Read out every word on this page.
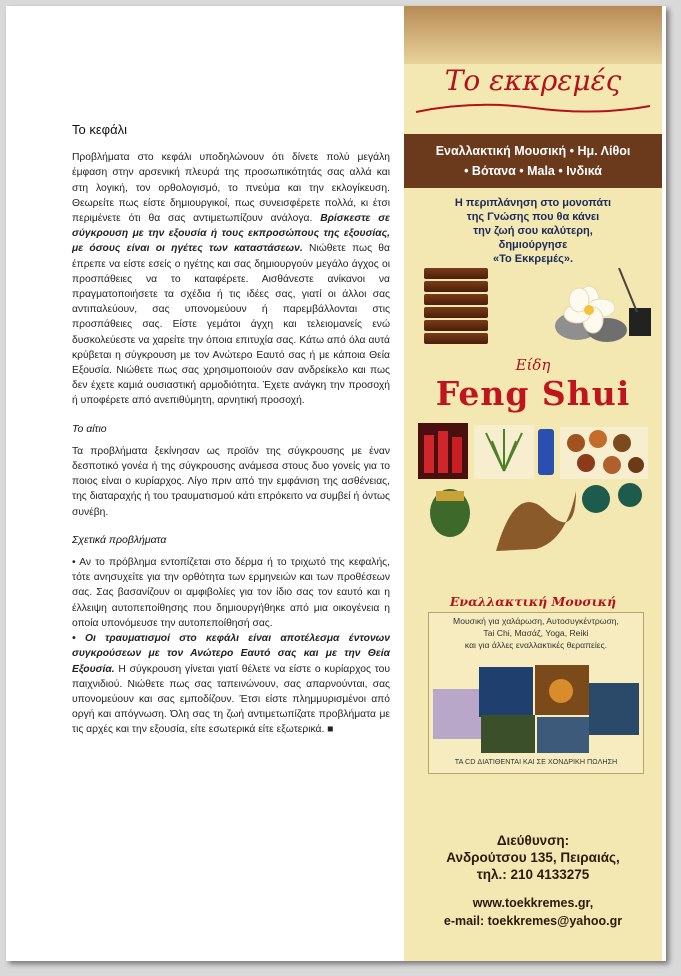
Το κεφάλι

Προβλήματα στο κεφάλι υποδηλώνουν ότι δίνετε πολύ μεγάλη έμφαση στην αρσενική πλευρά της προσωπικότητάς σας αλλά και στη λογική, τον ορθολογισμό, το πνεύμα και την εκλογίκευση. Θεωρείτε πως είστε δημιουργικοί, πως συνεισφέρετε πολλά, κι έτσι περιμένετε ότι θα σας αντιμετωπίζουν ανάλογα. Βρίσκεστε σε σύγκρουση με την εξουσία ή τους εκπροσώπους της εξουσίας, με όσους είναι οι ηγέτες των καταστάσεων. Νιώθετε πως θα έπρεπε να είστε εσείς ο ηγέτης και σας δημιουργούν μεγάλο άγχος οι προσπάθειες να το καταφέρετε. Αισθάνεστε ανίκανοι να πραγματοποιήσετε τα σχέδια ή τις ιδέες σας, γιατί οι άλλοι σας αντιπαλεύουν, σας υπονομεύουν ή παρεμβάλλονται στις προσπάθειες σας. Είστε γεμάτοι άγχη και τελειομανείς ενώ δυσκολεύεστε να χαρείτε την όποια επιτυχία σας. Κάτω από όλα αυτά κρύβεται η σύγκρουση με τον Ανώτερο Εαυτό σας ή με κάποια Θεία Εξουσία. Νιώθετε πως σας χρησιμοποιούν σαν ανδρείκελο και πως δεν έχετε καμιά ουσιαστική αρμοδιότητα. Έχετε ανάγκη την προσοχή ή υποφέρετε από ανεπιθύμητη, αρνητική προσοχή.

Το αίτιο

Τα προβλήματα ξεκίνησαν ως προϊόν της σύγκρουσης με έναν δεσποτικό γονέα ή της σύγκρουσης ανάμεσα στους δυο γονείς για το ποιος είναι ο κυρίαρχος. Λίγο πριν από την εμφάνιση της ασθένειας, της διαταραχής ή του τραυματισμού κάτι επρόκειτο να συμβεί ή όντως συνέβη.

Σχετικά προβλήματα

• Αν το πρόβλημα εντοπίζεται στο δέρμα ή το τριχωτό της κεφαλής, τότε ανησυχείτε για την ορθότητα των ερμηνειών και των προθέσεων σας. Σας βασανίζουν οι αμφιβολίες για τον ίδιο σας τον εαυτό και η έλλειψη αυτοπεποίθησης που δημιουργήθηκε από μια οικογένεια η οποία υπονόμευσε την αυτοπεποίθησή σας.

• Οι τραυματισμοί στο κεφάλι είναι αποτέλεσμα έντονων συγκρούσεων με τον Ανώτερο Εαυτό σας και με την Θεία Εξουσία. Η σύγκρουση γίνεται γιατί θέλετε να είστε ο κυρίαρχος του παιχνιδιού. Νιώθετε πως σας ταπεινώνουν, σας απαρνούνται, σας υπονομεύουν και σας εμποδίζουν. Έτσι είστε πλημμυρισμένοι από οργή και απόγνωση. Όλη σας τη ζωή αντιμετωπίζατε προβλήματα με τις αρχές και την εξουσία, είτε εσωτερικά είτε εξωτερικά. ■

Το εκκρεμές
Εναλλακτική Μουσική • Ημ. Λίθοι
• Βότανα • Mala • Ινδικά
Η περιπλάνηση στο μονοπάτι
της Γνώσης που θα κάνει
την ζωή σου καλύτερη,
δημιούργησε
«Το Εκκρεμές».
Είδη
Feng Shui
Εναλλακτική Μουσική
Μουσική για χαλάρωση, Αυτοσυγκέντρωση,
Tai Chi, Μασάζ, Yoga, Reiki
και για άλλες εναλλακτικές θεραπείες.
ΤΑ CD ΔΙΑΤΙΘΕΝΤΑΙ ΚΑΙ ΣΕ ΧΟΝΔΡΙΚΗ ΠΩΛΗΣΗ
Διεύθυνση:
Ανδρούτσου 135, Πειραιάς,
τηλ.: 210 4133275
www.toekkremes.gr,
e-mail: toekkremes@yahoo.gr
